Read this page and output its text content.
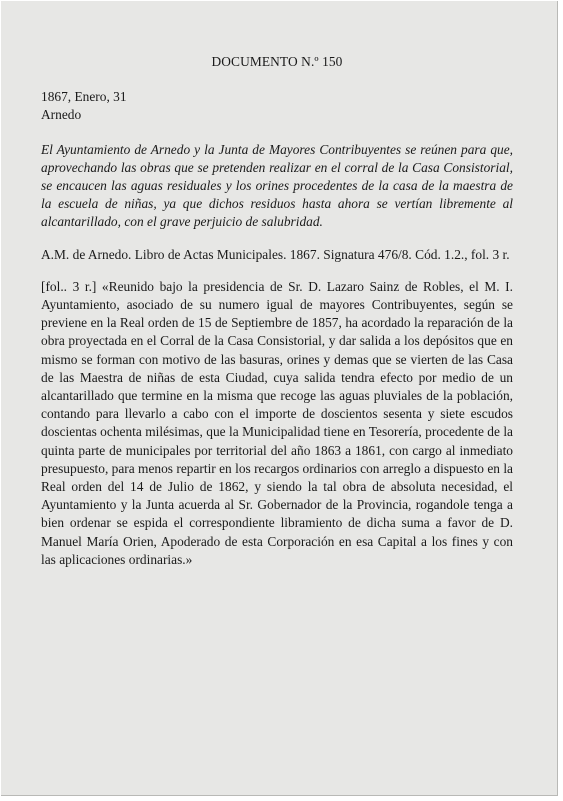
DOCUMENTO N.º 150
1867, Enero, 31
Arnedo

El Ayuntamiento de Arnedo y la Junta de Mayores Contribuyentes se reúnen para que, aprovechando las obras que se pretenden realizar en el corral de la Casa Consistorial, se encaucen las aguas residuales y los orines procedentes de la casa de la maestra de la escuela de niñas, ya que dichos residuos hasta ahora se vertían libremente al alcantarillado, con el grave perjuicio de salubridad.

A.M. de Arnedo. Libro de Actas Municipales. 1867. Signatura 476/8. Cód. 1.2., fol. 3 r.

[fol.. 3 r.] «Reunido bajo la presidencia de Sr. D. Lazaro Sainz de Robles, el M. I. Ayuntamiento, asociado de su numero igual de mayores Contribuyentes, según se previene en la Real orden de 15 de Septiembre de 1857, ha acordado la reparación de la obra proyectada en el Corral de la Casa Consistorial, y dar salida a los depósitos que en mismo se forman con motivo de las basuras, orines y demas que se vierten de las Casa de las Maestra de niñas de esta Ciudad, cuya salida tendra efecto por medio de un alcantarillado que termine en la misma que recoge las aguas pluviales de la población, contando para llevarlo a cabo con el importe de doscientos sesenta y siete escudos doscientas ochenta milésimas, que la Municipalidad tiene en Tesorería, procedente de la quinta parte de municipales por territorial del año 1863 a 1861, con cargo al inmediato presupuesto, para menos repartir en los recargos ordinarios con arreglo a dispuesto en la Real orden del 14 de Julio de 1862, y siendo la tal obra de absoluta necesidad, el Ayuntamiento y la Junta acuerda al Sr. Gobernador de la Provincia, rogandole tenga a bien ordenar se espida el correspondiente libramiento de dicha suma a favor de D. Manuel María Orien, Apoderado de esta Corporación en esa Capital a los fines y con las aplicaciones ordinarias.»
